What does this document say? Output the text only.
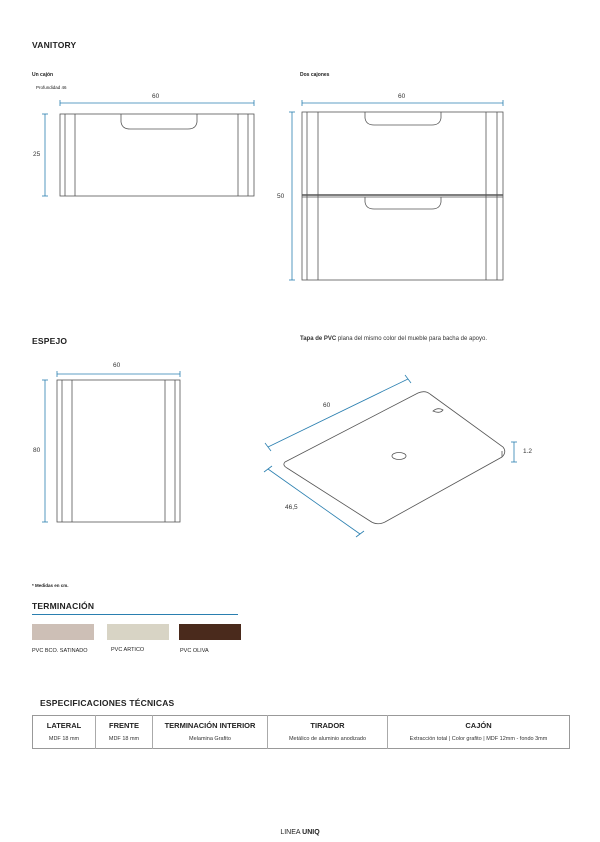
VANITORY
Un cajón
Profundidad 46
Dos cajones
60
25
60
50
ESPEJO
60
80
Tapa de PVC plana del mismo color del mueble para bacha de apoyo.
60
46,5
1.2
* Medidas en cm.
TERMINACIÓN
PVC BCO. SATINADO	PVC ARTICO	PVC OLIVA
ESPECIFICACIONES TÉCNICAS
LATERAL	FRENTE	TERMINACIÓN INTERIOR	TIRADOR	CAJÓN
MDF 18 mm	MDF 18 mm	Melamina Grafito	Metálico de aluminio anodizado	Extracción total | Color grafito | MDF 12mm - fondo 3mm
LINEA UNIQ
